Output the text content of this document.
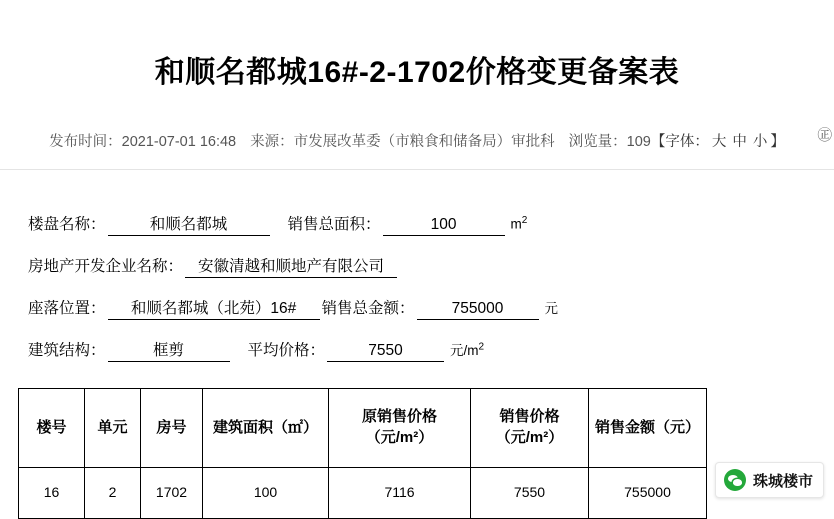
和顺名都城16#-2-1702价格变更备案表
发布时间：2021-07-01 16:48 来源：市发展改革委（市粮食和储备局）审批科 浏览量：109【字体： 大 中 小 】	㊣
楼盘名称：	和顺名都城	销售总面积：	100	$m^2$
房地产开发企业名称： 安徽清越和顺地产有限公司
座落位置：	和顺名都城（北苑）16#	销售总金额：	755000	元
建筑结构：	框剪	平均价格：	7550	元$/m^2$
楼号	单元	房号	建筑面积（㎡）	原销售价格（元/m²）	销售价格（元/m²）	销售金额（元）
16	2	1702	100	7116	7550	755000
珠城楼市
